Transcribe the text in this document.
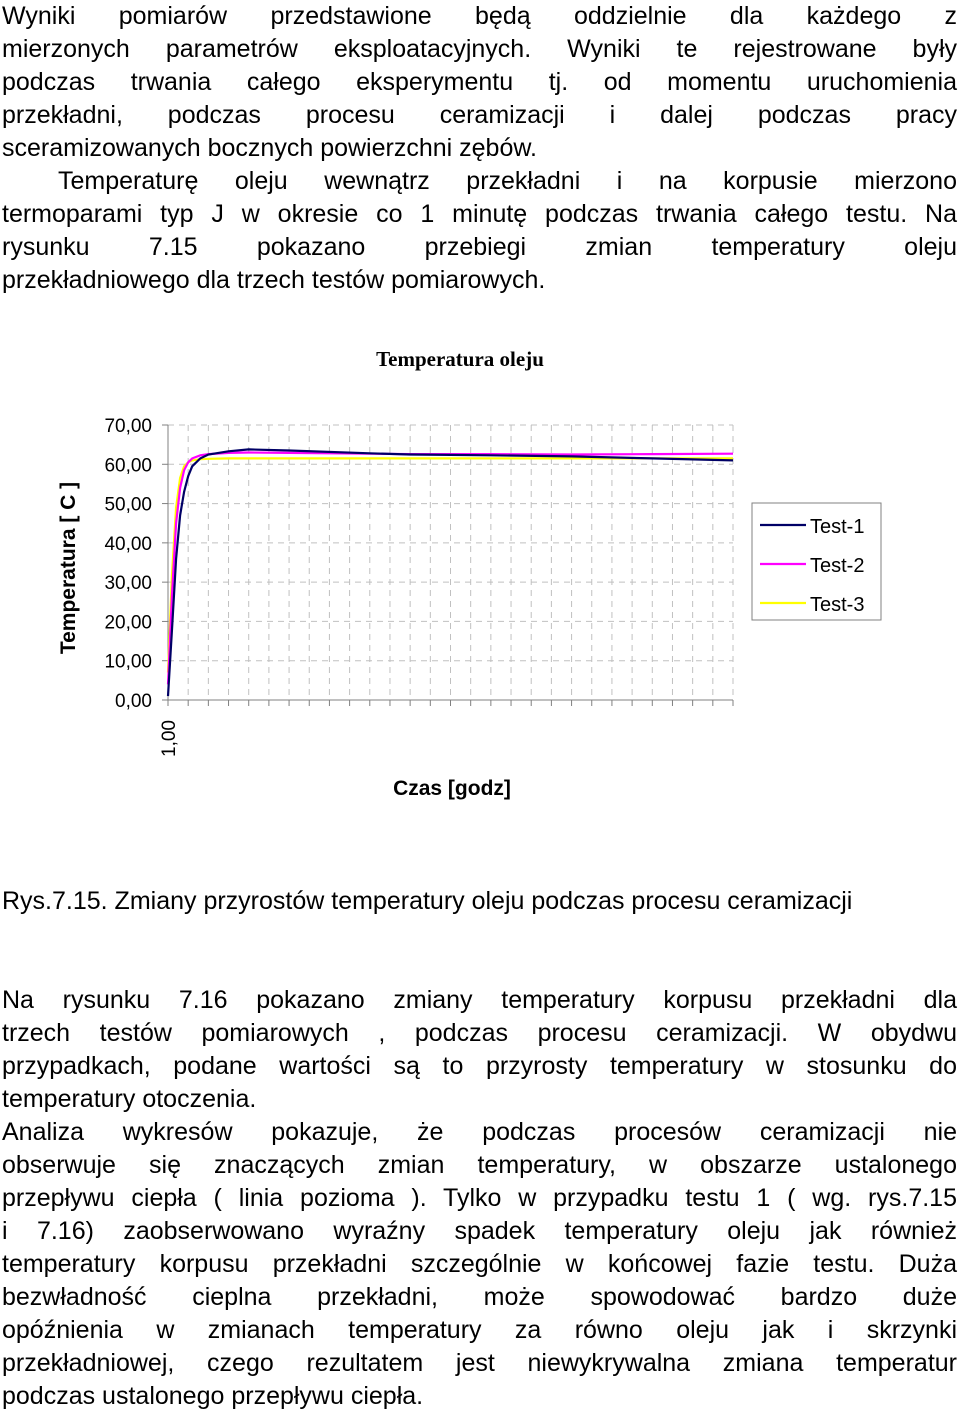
Wyniki pomiarów przedstawione będą oddzielnie dla każdego z
mierzonych parametrów eksploatacyjnych. Wyniki te rejestrowane były
podczas trwania całego eksperymentu tj. od momentu uruchomienia
przekładni, podczas procesu ceramizacji i dalej podczas pracy
sceramizowanych bocznych powierzchni zębów.
Temperaturę oleju wewnątrz przekładni i na korpusie mierzono
termoparami typ J w okresie co 1 minutę podczas trwania całego testu. Na
rysunku 7.15 pokazano przebiegi zmian temperatury oleju
przekładniowego dla trzech testów pomiarowych.
Temperatura oleju
Temperatura [ C ]
Czas [godz]
0,00
10,00
20,00
30,00
40,00
50,00
60,00
70,00
1,00
Test-1
Test-2
Test-3
Rys.7.15. Zmiany przyrostów temperatury oleju podczas procesu ceramizacji
Na rysunku 7.16 pokazano zmiany temperatury korpusu przekładni dla
trzech testów pomiarowych , podczas procesu ceramizacji. W obydwu
przypadkach, podane wartości są to przyrosty temperatury w stosunku do
temperatury otoczenia.
Analiza wykresów pokazuje, że podczas procesów ceramizacji nie
obserwuje się znaczących zmian temperatury, w obszarze ustalonego
przepływu ciepła ( linia pozioma ). Tylko w przypadku testu 1 ( wg. rys.7.15
i 7.16) zaobserwowano wyraźny spadek temperatury oleju jak również
temperatury korpusu przekładni szczególnie w końcowej fazie testu. Duża
bezwładność cieplna przekładni, może spowodować bardzo duże
opóźnienia w zmianach temperatury za równo oleju jak i skrzynki
przekładniowej, czego rezultatem jest niewykrywalna zmiana temperatur
podczas ustalonego przepływu ciepła.
